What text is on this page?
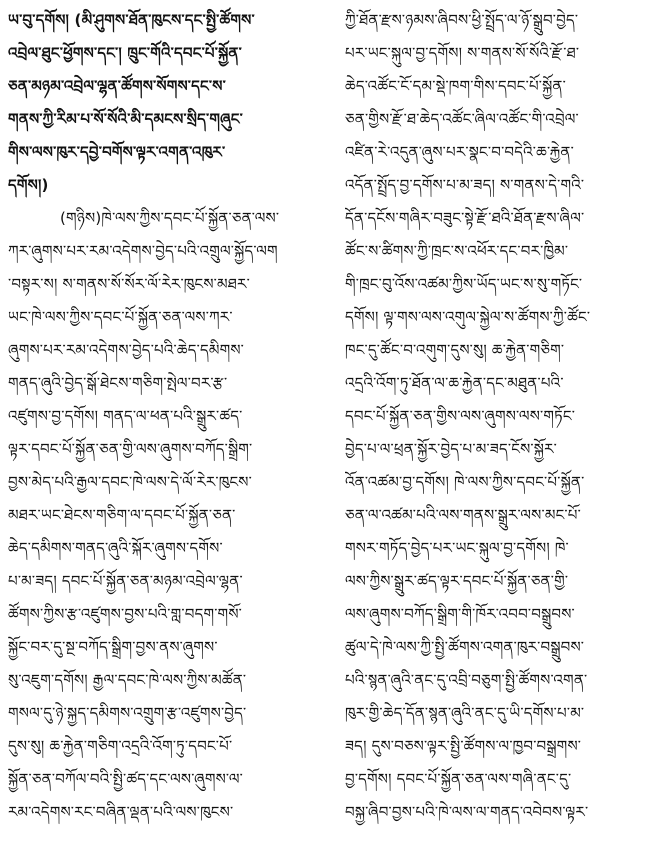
ཡ་བུ་དགོས། (མི་ཤུགས་ཐོན་ཁུངས་དང་སྤྱི་ཚོགས་
འབྲེལ་ཐུང་ཕྱོགས་དང་། ཁྲུང་གོའི་དབང་པོ་སྐྱོན་
ཅན་མཉམ་འབྲེལ་ལྷན་ཚོགས་སོགས་དང་ས་
གནས་ཀྱི་རིམ་པ་སོ་སོའི་མི་དམངས་སྲིད་གཞུང་
གིས་ལས་ཁུར་དབྱེ་བགོས་ལྟར་འགན་འཁུར་
དགོས།)
(གཉིས)ཁེ་ལས་ཀྱིས་དབང་པོ་སྐྱོན་ཅན་ལས་
ཀར་ཞུགས་པར་རམ་འདེགས་བྱེད་པའི་འགྲུལ་སྐྱོད་ལག
་བསྟར་ས། ས་གནས་སོ་སོར་ལོ་རེར་ཁུངས་མཐར་
ཡང་ཁེ་ལས་ཀྱིས་དབང་པོ་སྐྱོན་ཅན་ལས་ཀར་
ཞུགས་པར་རམ་འདེགས་བྱེད་པའི་ཆེད་དམིགས་
གནད་ཞུའི་བྱེད་སྒོ་ཐེངས་གཅིག་སྤེལ་བར་རྩ་
འཛུགས་བྱ་དགོས། གནད་ལ་ཕན་པའི་སྒྲུར་ཚད་
ལྟར་དབང་པོ་སྐྱོན་ཅན་གྱི་ལས་ཞུགས་བཀོད་སྒྲིག་
བྱས་མེད་པའི་རྒྱལ་དབང་ཁེ་ལས་དེ་ལོ་རེར་ཁུངས་
མཐར་ཡང་ཐེངས་གཅིག་ལ་དབང་པོ་སྐྱོན་ཅན་
ཆེད་དམིགས་གནད་ཞུའི་སྐོར་ཞུགས་དགོས་
པ་མ་ཟད། དབང་པོ་སྐྱོན་ཅན་མཉམ་འབྲེལ་ལྷན་
ཚོགས་ཀྱིས་རྩ་འཛུགས་བྱས་པའི་གླ་བདག་གསོ་
སྐྱོང་བར་དུ་སྔ་བཀོད་སྒྲིག་བྱས་ནས་ཞུགས་
སུ་འཇུག་དགོས། རྒྱལ་དབང་ཁེ་ལས་ཀྱིས་མཚོན་
གསལ་དུ་ཉེ་སྐྱད་དམིགས་འགྲུག་རྩ་འཛུགས་བྱེད་
དུས་སུ། ཆ་རྐྱེན་གཅིག་འདྲའི་འོག་ཏུ་དབང་པོ་
སྐྱོན་ཅན་བཀོལ་བའི་སྤྱི་ཚད་དང་ལས་ཞུགས་ལ་
རམ་འདེགས་རང་བཞིན་ལྡན་པའི་ལས་ཁུངས་
ཀྱི་ཐོན་རྫས་ཉམས་ཞིབས་ཕྱི་སྤྲོད་ལ་ཉོ་སྒྲུབ་བྱེད་
པར་ཡང་སྐུལ་བྱ་དགོས། ས་གནས་སོ་སོའི་རྫོ་ཐ་
ཆེད་འཚོང་ངོ་དམ་སྡེ་ཁག་གིས་དབང་པོ་སྐྱོན་
ཅན་གྱིས་རྫོ་ཐ་ཆེད་འཚོང་ཞིལ་འཚོང་གི་འབྲེལ་
འཛིན་རེ་འདུན་ཞུས་པར་སྣང་བ་བདེའི་ཆ་རྐྱེན་
འདོན་སྤྲོད་བྱ་དགོས་པ་མ་ཟད། ས་གནས་དེ་གའི་
དོན་དངོས་གཞིར་བཟུང་སྟེ་རྫོ་ཐའི་ཐོན་རྫས་ཞིལ་
ཚོང་ས་ཚིགས་ཀྱི་ཁྲང་ས་འཕོར་དང་བར་ཁྱིམ་
གི་ཁྲང་བུ་འོས་འཚམ་ཀྱིས་ཡོད་ཡང་ས་སུ་གཏོང་
དགོས། ལྟ་གས་ལས་འགུལ་སྐྱེལ་ས་ཚོགས་ཀྱི་ཚོང་
ཁང་དུ་ཚོང་བ་འགུག་དུས་སུ། ཆ་རྐྱེན་གཅིག་
འདྲའི་འོག་ཏུ་ཐོན་ལ་ཆ་རྐྱེན་དང་མཐུན་པའི་
དབང་པོ་སྐྱོན་ཅན་གྱིས་ལས་ཞུགས་ལས་གཏོང་
བྱེད་པ་ལ་ཕྲན་སྐྱོར་བྱེད་པ་མ་ཟད་ངོས་སྐྱོར་
འོན་འཚམ་བྱ་དགོས། ཁེ་ལས་ཀྱིས་དབང་པོ་སྐྱོན་
ཅན་ལ་འཚམ་པའི་ལས་གནས་སྒྲུར་ལས་མང་པོ་
གསར་གཏོད་བྱེད་པར་ཡང་སྐུལ་བྱ་དགོས། ཁེ་
ལས་ཀྱིས་སྒྲུར་ཚད་ལྟར་དབང་པོ་སྐྱོན་ཅན་གྱི་
ལས་ཞུགས་བཀོད་སྒྲིག་གི་ཁོར་འབབ་བསྒྲུབས་
ཚུལ་དེ་ཁེ་ལས་ཀྱི་སྤྱི་ཚོགས་འགན་ཁུར་བསྒྲུབས་
པའི་སྙན་ཞུའི་ནང་དུ་འབྲི་བཅུག་སྤྱི་ཚོགས་འགན་
ཁུར་གྱི་ཆེད་དོན་སྙན་ཞུའི་ནང་དུ་ཡི་དགོས་པ་མ་
ཟད། དུས་བཅས་ལྟར་སྤྱི་ཚོགས་ལ་ཁྱབ་བསྒྲགས་
བྱ་དགོས། དབང་པོ་སྐྱོན་ཅན་ལས་གཞི་ནང་དུ་
བསྐྱ་ཞིབ་བྱས་པའི་ཁེ་ལས་ལ་གནད་འབེབས་ལྟར་
